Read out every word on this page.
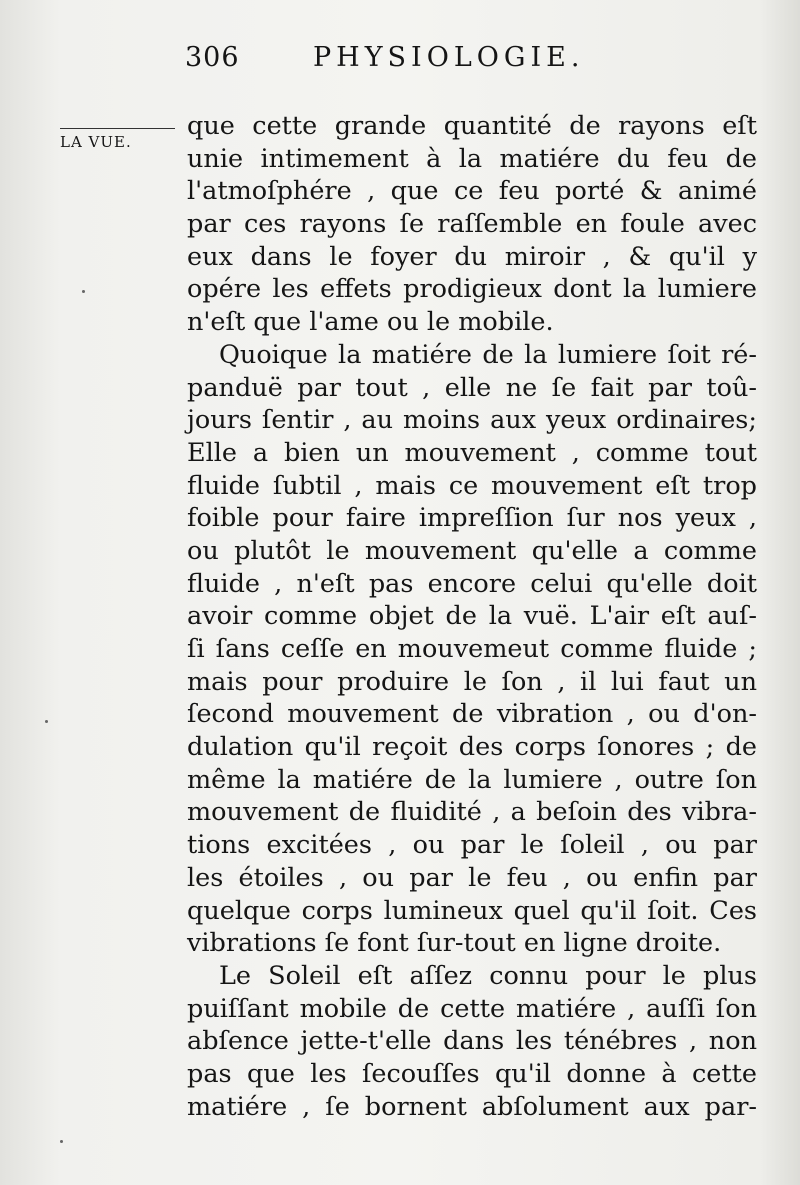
306	PHYSIOLOGIE.
LA VUE.
que cette grande quantité de rayons eſt
unie intimement à la matiére du feu de
l'atmoſphére , que ce feu porté & animé
par ces rayons ſe raſſemble en foule avec
eux dans le foyer du miroir , & qu'il y
opére les effets prodigieux dont la lumiere
n'eſt que l'ame ou le mobile.
Quoique la matiére de la lumiere ſoit ré-
panduë par tout , elle ne ſe fait par toû-
jours ſentir , au moins aux yeux ordinaires;
Elle a bien un mouvement , comme tout
fluide ſubtil , mais ce mouvement eſt trop
foible pour faire impreſſion ſur nos yeux ,
ou plutôt le mouvement qu'elle a comme
fluide , n'eſt pas encore celui qu'elle doit
avoir comme objet de la vuë. L'air eſt auſ-
ſi ſans ceſſe en mouvemeut comme fluide ;
mais pour produire le ſon , il lui faut un
ſecond mouvement de vibration , ou d'on-
dulation qu'il reçoit des corps ſonores ; de
même la matiére de la lumiere , outre ſon
mouvement de fluidité , a beſoin des vibra-
tions excitées , ou par le ſoleil , ou par
les étoiles , ou par le feu , ou enfin par
quelque corps lumineux quel qu'il ſoit. Ces
vibrations ſe font ſur-tout en ligne droite.
Le Soleil eſt aſſez connu pour le plus
puiſſant mobile de cette matiére , auſſi ſon
abſence jette-t'elle dans les ténébres , non
pas que les ſecouſſes qu'il donne à cette
matiére , ſe bornent abſolument aux par-
